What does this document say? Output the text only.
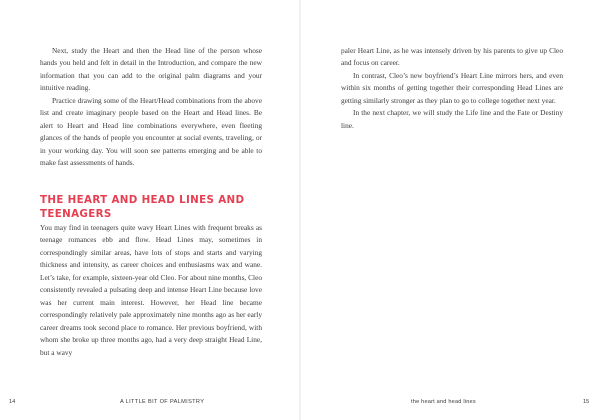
Next, study the Heart and then the Head line of the person whose hands you held and felt in detail in the Introduction, and compare the new information that you can add to the original palm diagrams and your intuitive reading.

Practice drawing some of the Heart/Head combinations from the above list and create imaginary people based on the Heart and Head lines. Be alert to Heart and Head line combinations everywhere, even fleeting glances of the hands of people you encounter at social events, traveling, or in your working day. You will soon see patterns emerging and be able to make fast assessments of hands.

THE HEART AND HEAD LINES AND TEENAGERS

You may find in teenagers quite wavy Heart Lines with frequent breaks as teenage romances ebb and flow. Head Lines may, sometimes in correspondingly similar areas, have lots of stops and starts and varying thickness and intensity, as career choices and enthusiasms wax and wane. Let’s take, for example, sixteen-year old Cleo. For about nine months, Cleo consistently revealed a pulsating deep and intense Heart Line because love was her current main interest. However, her Head line became correspondingly relatively pale approximately nine months ago as her early career dreams took second place to romance. Her previous boyfriend, with whom she broke up three months ago, had a very deep straight Head Line, but a wavy

14	A LITTLE BIT OF PALMISTRY

paler Heart Line, as he was intensely driven by his parents to give up Cleo and focus on career.

In contrast, Cleo’s new boyfriend’s Heart Line mirrors hers, and even within six months of getting together their corresponding Head Lines are getting similarly stronger as they plan to go to college together next year.

In the next chapter, we will study the Life line and the Fate or Destiny line.

the heart and head lines	15
